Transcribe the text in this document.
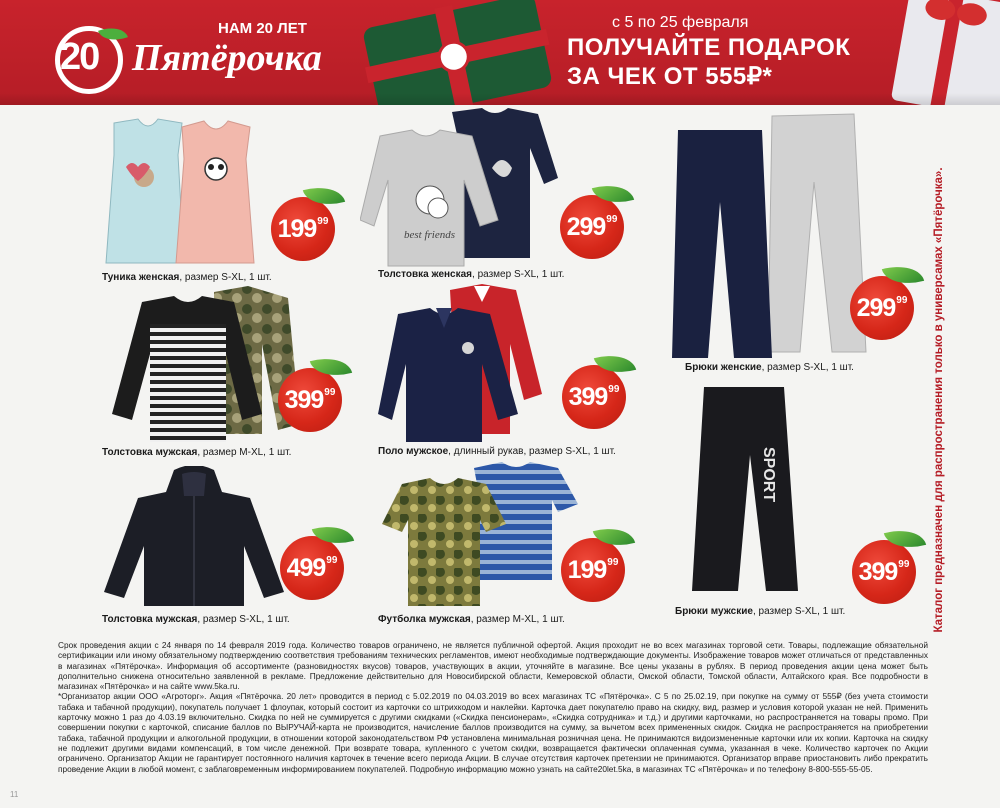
20
НАМ 20 ЛЕТ
Пятёрочка
с 5 по 25 февраля
ПОЛУЧАЙТЕ ПОДАРОК
ЗА ЧЕК ОТ 555₽*
199 99
Туника женская, размер S-XL, 1 шт.
best friends	299 99
Толстовка женская, размер S-XL, 1 шт.
299 99
Брюки женские, размер S-XL, 1 шт.
399 99
Толстовка мужская, размер M-XL, 1 шт.
399 99
Поло мужское, длинный рукав, размер S-XL, 1 шт.	SPORT
399 99
Брюки мужские, размер S-XL, 1 шт.
499 99
Толстовка мужская, размер S-XL, 1 шт.
199 99
Футболка мужская, размер M-XL, 1 шт.	Каталог предназначен для распространения только в универсамах «Пятёрочка».

Срок проведения акции с 24 января по 14 февраля 2019 года. Количество товаров ограничено, не является публичной офертой. Акция проходит не во всех магазинах торговой сети. Товары, подлежащие обязательной сертификации или иному обязательному подтверждению соответствия требованиям технических регламентов, имеют необходимые подтверждающие документы. Изображение товаров может отличаться от представленных в магазинах «Пятёрочка». Информация об ассортименте (разновидностях вкусов) товаров, участвующих в акции, уточняйте в магазине. Все цены указаны в рублях. В период проведения акции цена может быть дополнительно снижена относительно заявленной в рекламе. Предложение действительно для Новосибирской области, Кемеровской области, Омской области, Томской области, Алтайского края. Все подробности в магазинах «Пятёрочка» и на сайте www.5ka.ru.

*Организатор акции ООО «Агроторг». Акция «Пятёрочка. 20 лет» проводится в период с 5.02.2019 по 04.03.2019 во всех магазинах ТС «Пятёрочка». С 5 по 25.02.19, при покупке на сумму от 555₽ (без учета стоимости табака и табачной продукции), покупатель получает 1 флоупак, который состоит из карточки со штрихкодом и наклейки. Карточка дает покупателю право на скидку, вид, размер и условия которой указан не ней. Применить карточку можно 1 раз до 4.03.19 включительно. Скидка по ней не суммируется с другими скидками («Скидка пенсионерам», «Скидка сотрудника» и т.д.) и другими карточками, но распространяется на товары промо. При совершении покупки с карточкой, списание баллов по ВЫРУЧАЙ-карта не производится, начисление баллов производится на сумму, за вычетом всех примененных скидок. Скидка не распространяется на приобретении табака, табачной продукции и алкогольной продукции, в отношении которой законодательством РФ установлена минимальная розничная цена. Не принимаются видоизмененные карточки или их копии. Карточка на скидку не подлежит другими видами компенсаций, в том числе денежной. При возврате товара, купленного с учетом скидки, возвращается фактически оплаченная сумма, указанная в чеке. Количество карточек по Акции ограничено. Организатор Акции не гарантирует постоянного наличия карточек в течение всего периода Акции. В случае отсутствия карточек претензии не принимаются. Организатор вправе приостановить либо прекратить проведение Акции в любой момент, с заблаговременным информированием покупателей. Подробную информацию можно узнать на сайте20let.5ka, в магазинах ТС «Пятёрочка» и по телефону 8-800-555-55-05.

11
